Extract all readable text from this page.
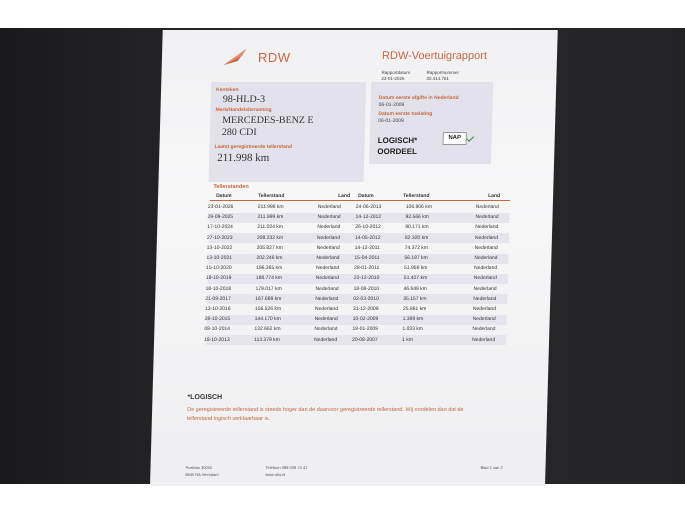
RDW	RDW-Voertuigrapport
Rapportdatum	Rapportnummer
23-01-2026	30.414.781
Kenteken
98-HLD-3
Merk/Handelsbenaming
MERCEDES-BENZ E
280 CDI
Laatst geregistreerde tellerstand
211.998 km
Datum eerste afgifte in Nederland
06-01-2009
Datum eerste toelating
06-01-2009
LOGISCH*
OORDEEL
NAP
Tellerstanden
Datum	Tellerstand	Land Datum	Tellerstand	Land
23-01-2026	211.998 km	Nederland	24-06-2013	106.906 km	Nederland
29-09-2025	211.999 km	Nederland	14-12-2012	92.566 km	Nederland
17-10-2024	211.024 km	Nederland	26-10-2012	90.171 km	Nederland
27-10-2023	208.232 km	Nederland	14-05-2012	82.320 km	Nederland
13-10-2022	205.827 km	Nederland	14-12-2011	74.372 km	Nederland
13-10-2021	202.246 km	Nederland	15-04-2011	56.187 km	Nederland
15-10-2020	196.365 km	Nederland	28-01-2011	51.956 km	Nederland
18-10-2019	188.774 km	Nederland	22-12-2010	51.427 km	Nederland
18-10-2018	179.017 km	Nederland	18-08-2010	46.649 km	Nederland
21-09-2017	167.689 km	Nederland	02-03-2010	35.157 km	Nederland
13-10-2016	156.526 km	Nederland	31-12-2009	25.861 km	Nederland
28-10-2015	144.170 km	Nederland	10-02-2009	1.389 km	Nederland
08-10-2014	132.662 km	Nederland	18-01-2009	1.033 km	Nederland
18-10-2013	113.379 km	Nederland	20-08-2007	1 km	Nederland
*LOGISCH
De geregistreerde tellerstand is steeds hoger dan de daarvoor geregistreerde tellerstand. Wij oordelen dan dat de tellerstand logisch verklaarbaar is.
Postbus 30000
9640 RA Veendam
Telefoon 088 008 74 47
www.rdw.nl
Blad 1 van 2
